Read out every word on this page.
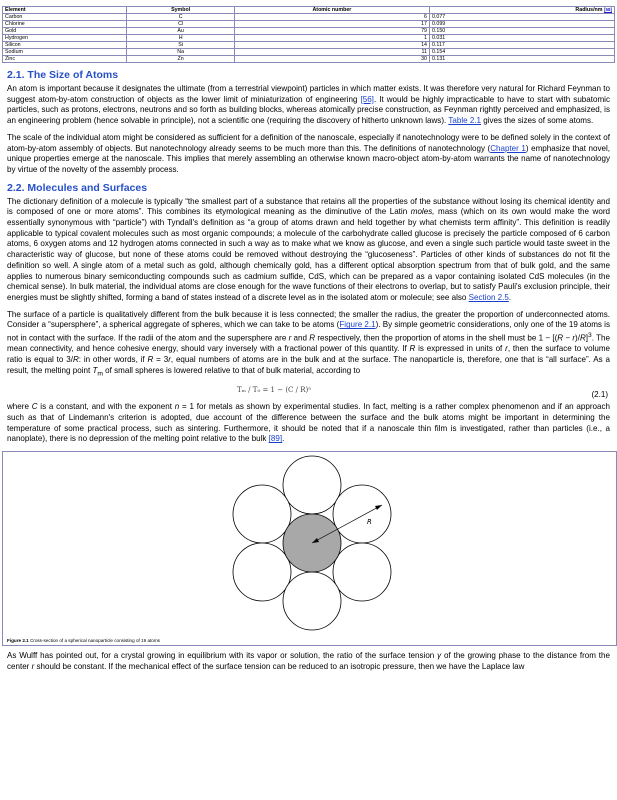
Element	Symbol	Atomic number	Radius/nm [58]
Carbon	C	6	0.077
Chlorine	Cl	17	0.099
Gold	Au	79	0.150
Hydrogen	H	1	0.031
Silicon	Si	14	0.117
Sodium	Na	11	0.154
Zinc	Zn	30	0.131
2.1. The Size of Atoms

An atom is important because it designates the ultimate (from a terrestrial viewpoint) particles in which matter exists. It was therefore very natural for Richard Feynman to suggest atom-by-atom construction of objects as the lower limit of miniaturization of engineering [56]. It would be highly impracticable to have to start with subatomic particles, such as protons, electrons, neutrons and so forth as building blocks, whereas atomically precise construction, as Feynman rightly perceived and emphasized, is an engineering problem (hence solvable in principle), not a scientific one (requiring the discovery of hitherto unknown laws). Table 2.1 gives the sizes of some atoms.

The scale of the individual atom might be considered as sufficient for a definition of the nanoscale, especially if nanotechnology were to be defined solely in the context of atom-by-atom assembly of objects. But nanotechnology already seems to be much more than this. The definitions of nanotechnology (Chapter 1) emphasize that novel, unique properties emerge at the nanoscale. This implies that merely assembling an otherwise known macro-object atom-by-atom warrants the name of nanotechnology by virtue of the novelty of the assembly process.

2.2. Molecules and Surfaces

The dictionary definition of a molecule is typically “the smallest part of a substance that retains all the properties of the substance without losing its chemical identity and is composed of one or more atoms”. This combines its etymological meaning as the diminutive of the Latin moles, mass (which on its own would make the word essentially synonymous with “particle”) with Tyndall's definition as “a group of atoms drawn and held together by what chemists term affinity”. This definition is readily applicable to typical covalent molecules such as most organic compounds; a molecule of the carbohydrate called glucose is precisely the particle composed of 6 carbon atoms, 6 oxygen atoms and 12 hydrogen atoms connected in such a way as to make what we know as glucose, and even a single such particle would taste sweet in the characteristic way of glucose, but none of these atoms could be removed without destroying the “glucoseness”. Particles of other kinds of substances do not fit the definition so well. A single atom of a metal such as gold, although chemically gold, has a different optical absorption spectrum from that of bulk gold, and the same applies to numerous binary semiconducting compounds such as cadmium sulfide, CdS, which can be prepared as a vapor containing isolated CdS molecules (in the chemical sense). In bulk material, the individual atoms are close enough for the wave functions of their electrons to overlap, but to satisfy Pauli's exclusion principle, their energies must be slightly shifted, forming a band of states instead of a discrete level as in the isolated atom or molecule; see also Section 2.5.

The surface of a particle is qualitatively different from the bulk because it is less connected; the smaller the radius, the greater the proportion of underconnected atoms. Consider a “supersphere”, a spherical aggregate of spheres, which we can take to be atoms (Figure 2.1). By simple geometric considerations, only one of the 19 atoms is not in contact with the surface. If the radii of the atom and the supersphere are r and R respectively, then the proportion of atoms in the shell must be $1 - [(R - r)/R]^3$. The mean connectivity, and hence cohesive energy, should vary inversely with a fractional power of this quantity. If R is expressed in units of r, then the surface to volume ratio is equal to 3/R: in other words, if R = 3r, equal numbers of atoms are in the bulk and at the surface. The nanoparticle is, therefore, one that is “all surface”. As a result, the melting point $T_m$ of small spheres is lowered relative to that of bulk material, according to

Tₘ / T₀ = 1 − (C / R)ⁿ	(2.1)

where C is a constant, and with the exponent n = 1 for metals as shown by experimental studies. In fact, melting is a rather complex phenomenon and if an approach such as that of Lindemann's criterion is adopted, due account of the difference between the surface and the bulk atoms might be important in determining the temperature of some practical process, such as sintering. Furthermore, it should be noted that if a nanoscale thin film is investigated, rather than particles (i.e., a nanoplate), there is no depression of the melting point relative to the bulk [89].

R
Figure 2.1 Cross-section of a spherical nanoparticle consisting of 19 atoms

As Wulff has pointed out, for a crystal growing in equilibrium with its vapor or solution, the ratio of the surface tension γ of the growing phase to the distance from the center r should be constant. If the mechanical effect of the surface tension can be reduced to an isotropic pressure, then we have the Laplace law
